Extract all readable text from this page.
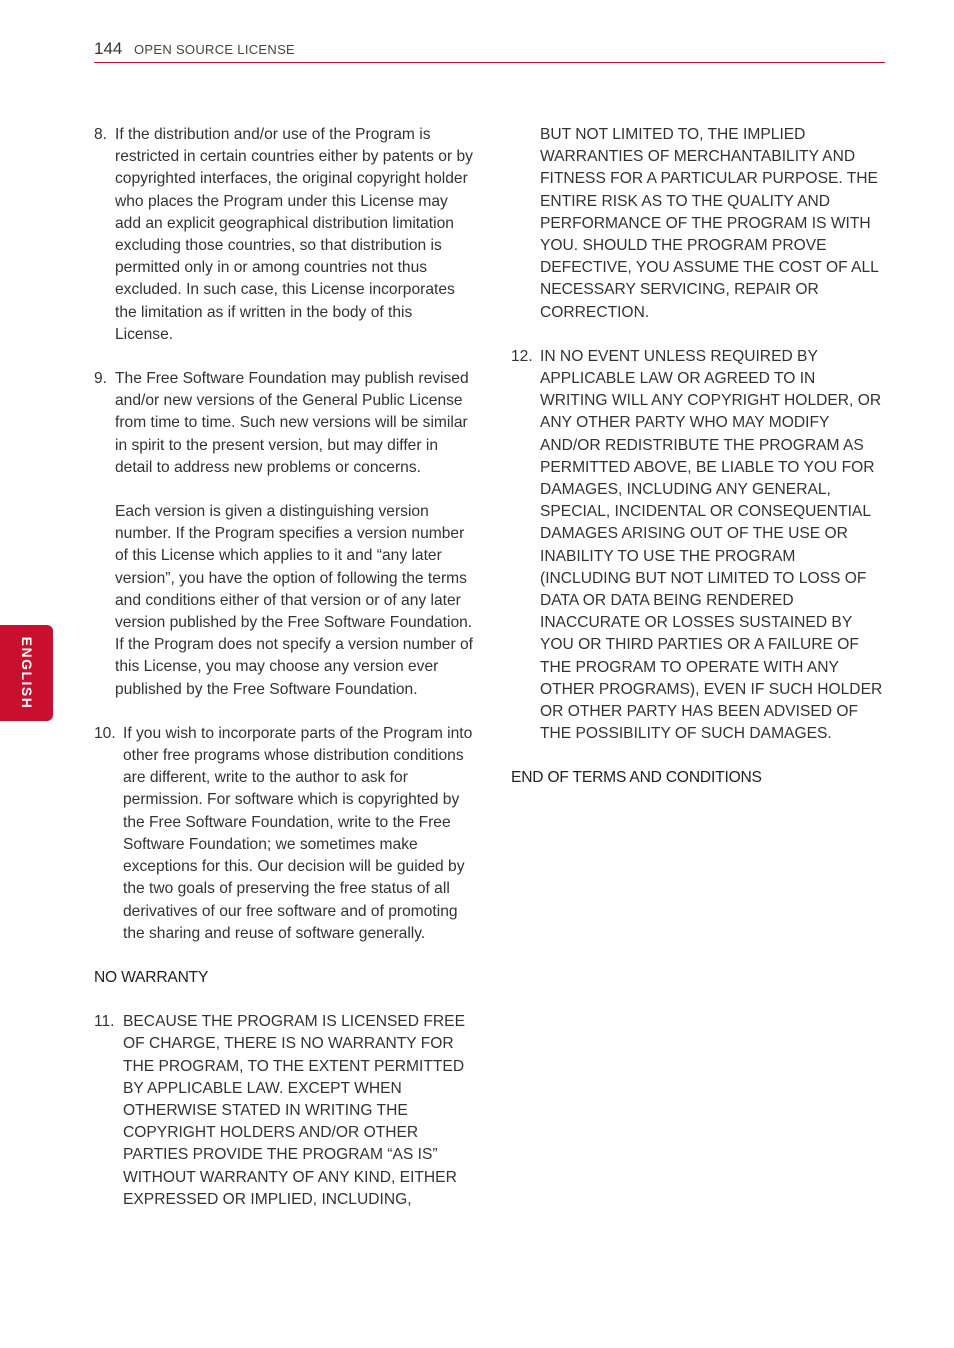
144 OPEN SOURCE LICENSE
ENGLISH
8. If the distribution and/or use of the Program is restricted in certain countries either by patents or by copyrighted interfaces, the original copyright holder who places the Program under this License may add an explicit geographical distribution limitation excluding those countries, so that distribution is permitted only in or among countries not thus excluded. In such case, this License incorporates the limitation as if written in the body of this License.

9. The Free Software Foundation may publish revised and/or new versions of the General Public License from time to time. Such new versions will be similar in spirit to the present version, but may differ in detail to address new problems or concerns.

Each version is given a distinguishing version number. If the Program specifies a version number of this License which applies to it and “any later version”, you have the option of following the terms and conditions either of that version or of any later version published by the Free Software Foundation. If the Program does not specify a version number of this License, you may choose any version ever published by the Free Software Foundation.

10. If you wish to incorporate parts of the Program into other free programs whose distribution conditions are different, write to the author to ask for permission. For software which is copyrighted by the Free Software Foundation, write to the Free Software Foundation; we sometimes make exceptions for this. Our decision will be guided by the two goals of preserving the free status of all derivatives of our free software and of promoting the sharing and reuse of software generally.

NO WARRANTY

11. BECAUSE THE PROGRAM IS LICENSED FREE OF CHARGE, THERE IS NO WARRANTY FOR THE PROGRAM, TO THE EXTENT PERMITTED BY APPLICABLE LAW. EXCEPT WHEN OTHERWISE STATED IN WRITING THE COPYRIGHT HOLDERS AND/OR OTHER PARTIES PROVIDE THE PROGRAM “AS IS” WITHOUT WARRANTY OF ANY KIND, EITHER EXPRESSED OR IMPLIED, INCLUDING,

BUT NOT LIMITED TO, THE IMPLIED WARRANTIES OF MERCHANTABILITY AND FITNESS FOR A PARTICULAR PURPOSE. THE ENTIRE RISK AS TO THE QUALITY AND PERFORMANCE OF THE PROGRAM IS WITH YOU. SHOULD THE PROGRAM PROVE DEFECTIVE, YOU ASSUME THE COST OF ALL NECESSARY SERVICING, REPAIR OR CORRECTION.

12. IN NO EVENT UNLESS REQUIRED BY APPLICABLE LAW OR AGREED TO IN WRITING WILL ANY COPYRIGHT HOLDER, OR ANY OTHER PARTY WHO MAY MODIFY AND/OR REDISTRIBUTE THE PROGRAM AS PERMITTED ABOVE, BE LIABLE TO YOU FOR DAMAGES, INCLUDING ANY GENERAL, SPECIAL, INCIDENTAL OR CONSEQUENTIAL DAMAGES ARISING OUT OF THE USE OR INABILITY TO USE THE PROGRAM (INCLUDING BUT NOT LIMITED TO LOSS OF DATA OR DATA BEING RENDERED INACCURATE OR LOSSES SUSTAINED BY YOU OR THIRD PARTIES OR A FAILURE OF THE PROGRAM TO OPERATE WITH ANY OTHER PROGRAMS), EVEN IF SUCH HOLDER OR OTHER PARTY HAS BEEN ADVISED OF THE POSSIBILITY OF SUCH DAMAGES.

END OF TERMS AND CONDITIONS
